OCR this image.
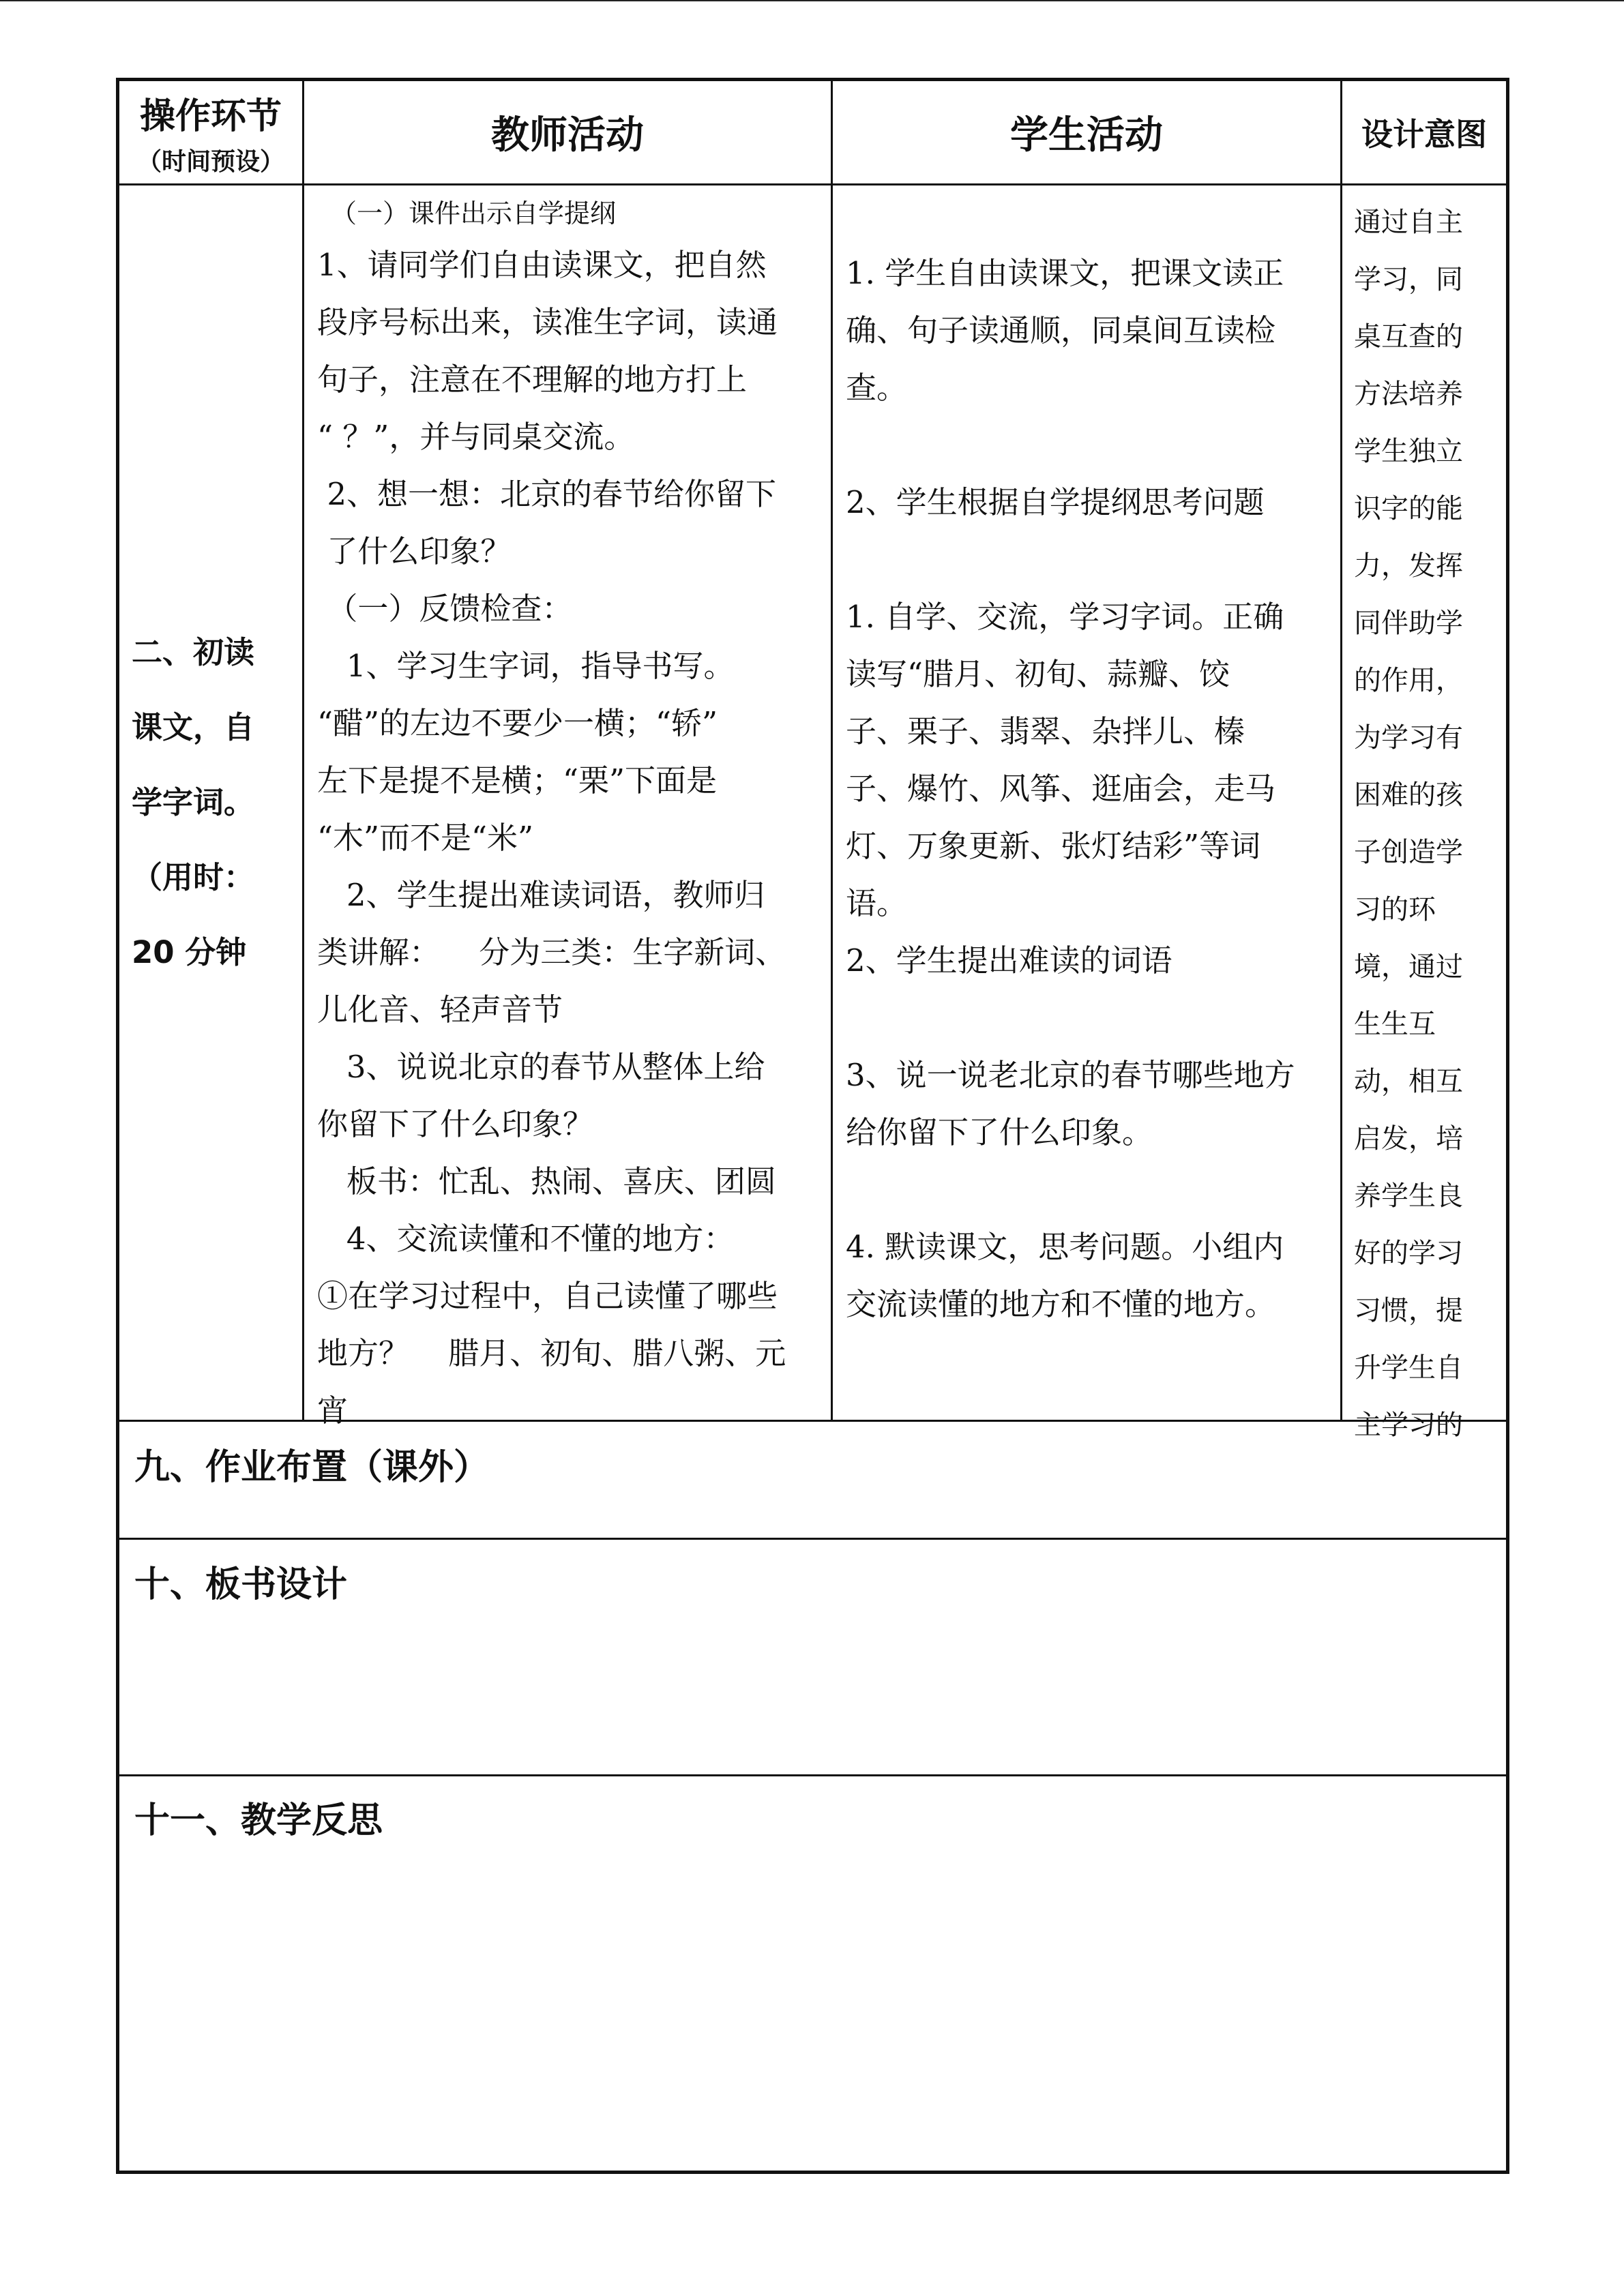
操作环节
（时间预设）
教师活动	学生活动	设计意图

二、初读

课文，自

学字词。

（用时：

20 分钟

（一）课件出示自学提纲

1、请同学们自由读课文，把自然

段序号标出来，读准生字词，读通

句子，注意在不理解的地方打上

“ ？”，并与同桌交流。

2、想一想：北京的春节给你留下

了什么印象？

（一）反馈检查：

1、学习生字词，指导书写。

“醋”的左边不要少一横；“轿”

左下是提不是横；“栗”下面是

“木”而不是“米”

2、学生提出难读词语，教师归

类讲解：    分为三类：生字新词、

儿化音、轻声音节

3、说说北京的春节从整体上给

你留下了什么印象？

板书：忙乱、热闹、喜庆、团圆

4、交流读懂和不懂的地方：

①在学习过程中，自己读懂了哪些

地方？    腊月、初旬、腊八粥、元

宵

1. 学生自由读课文，把课文读正

确、句子读通顺，同桌间互读检

查。

2、学生根据自学提纲思考问题

1. 自学、交流，学习字词。正确

读写“腊月、初旬、蒜瓣、饺

子、栗子、翡翠、杂拌儿、榛

子、爆竹、风筝、逛庙会，走马

灯、万象更新、张灯结彩”等词

语。

2、学生提出难读的词语

3、说一说老北京的春节哪些地方

给你留下了什么印象。

4. 默读课文，思考问题。小组内

交流读懂的地方和不懂的地方。

通过自主

学习，同

桌互查的

方法培养

学生独立

识字的能

力，发挥

同伴助学

的作用，

为学习有

困难的孩

子创造学

习的环

境，通过

生生互

动，相互

启发，培

养学生良

好的学习

习惯，提

升学生自

主学习的

九、作业布置（课外）

十、板书设计

十一、教学反思
